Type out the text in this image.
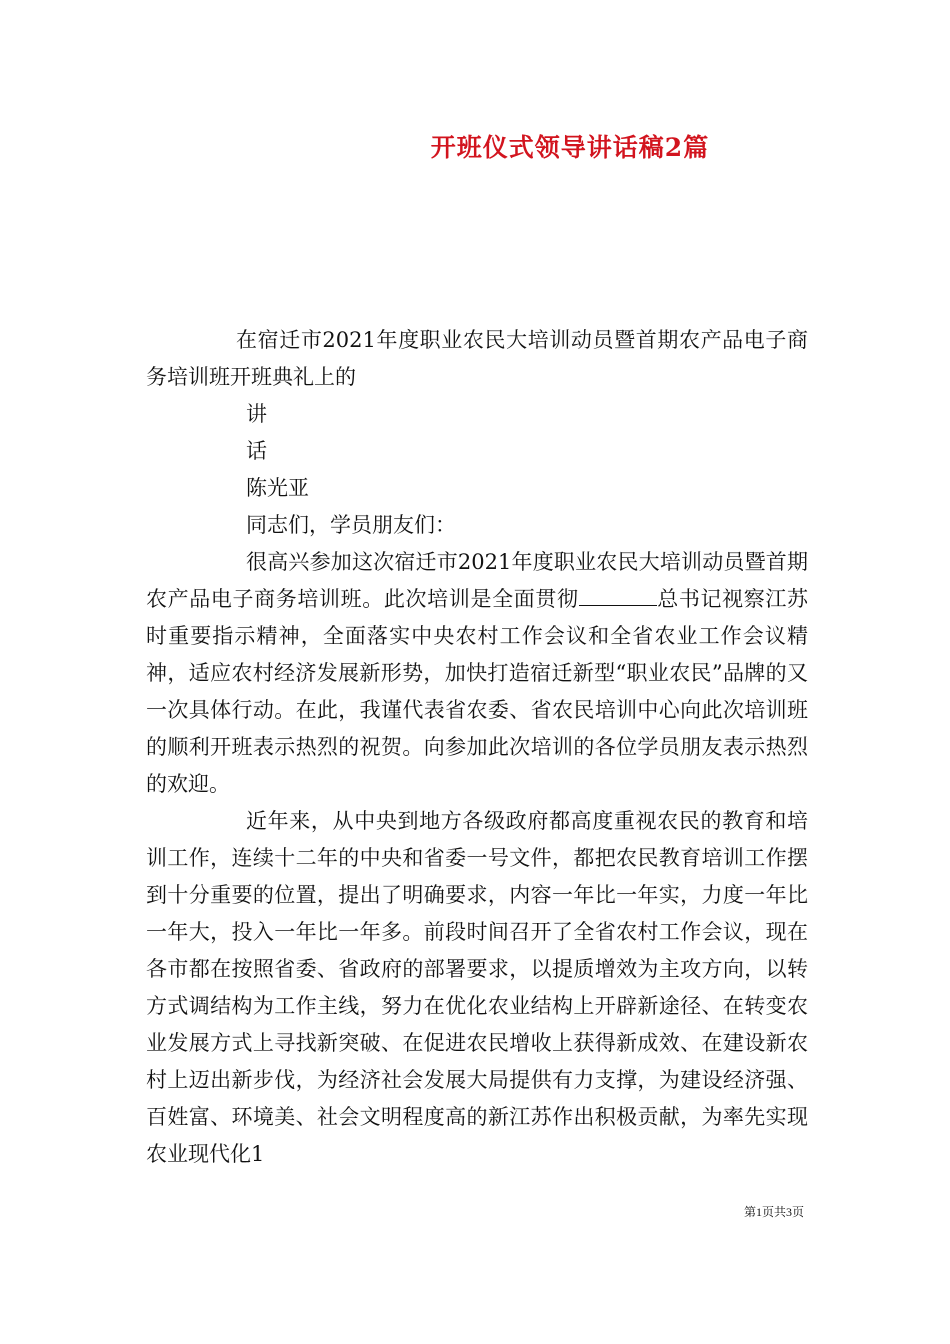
开班仪式领导讲话稿2篇

在宿迁市2021年度职业农民大培训动员暨首期农产品电子商务培训班开班典礼上的

讲
话
陈光亚
同志们，学员朋友们：

很高兴参加这次宿迁市2021年度职业农民大培训动员暨首期农产品电子商务培训班。此次培训是全面贯彻	总书记视察江苏时重要指示精神，全面落实中央农村工作会议和全省农业工作会议精神，适应农村经济发展新形势，加快打造宿迁新型“职业农民”品牌的又一次具体行动。在此，我谨代表省农委、省农民培训中心向此次培训班的顺利开班表示热烈的祝贺。向参加此次培训的各位学员朋友表示热烈的欢迎。

近年来，从中央到地方各级政府都高度重视农民的教育和培训工作，连续十二年的中央和省委一号文件，都把农民教育培训工作摆到十分重要的位置，提出了明确要求，内容一年比一年实，力度一年比一年大，投入一年比一年多。前段时间召开了全省农村工作会议，现在各市都在按照省委、省政府的部署要求，以提质增效为主攻方向，以转方式调结构为工作主线，努力在优化农业结构上开辟新途径、在转变农业发展方式上寻找新突破、在促进农民增收上获得新成效、在建设新农村上迈出新步伐，为经济社会发展大局提供有力支撑，为建设经济强、百姓富、环境美、社会文明程度高的新江苏作出积极贡献，为率先实现农业现代化1

第1页共3页
